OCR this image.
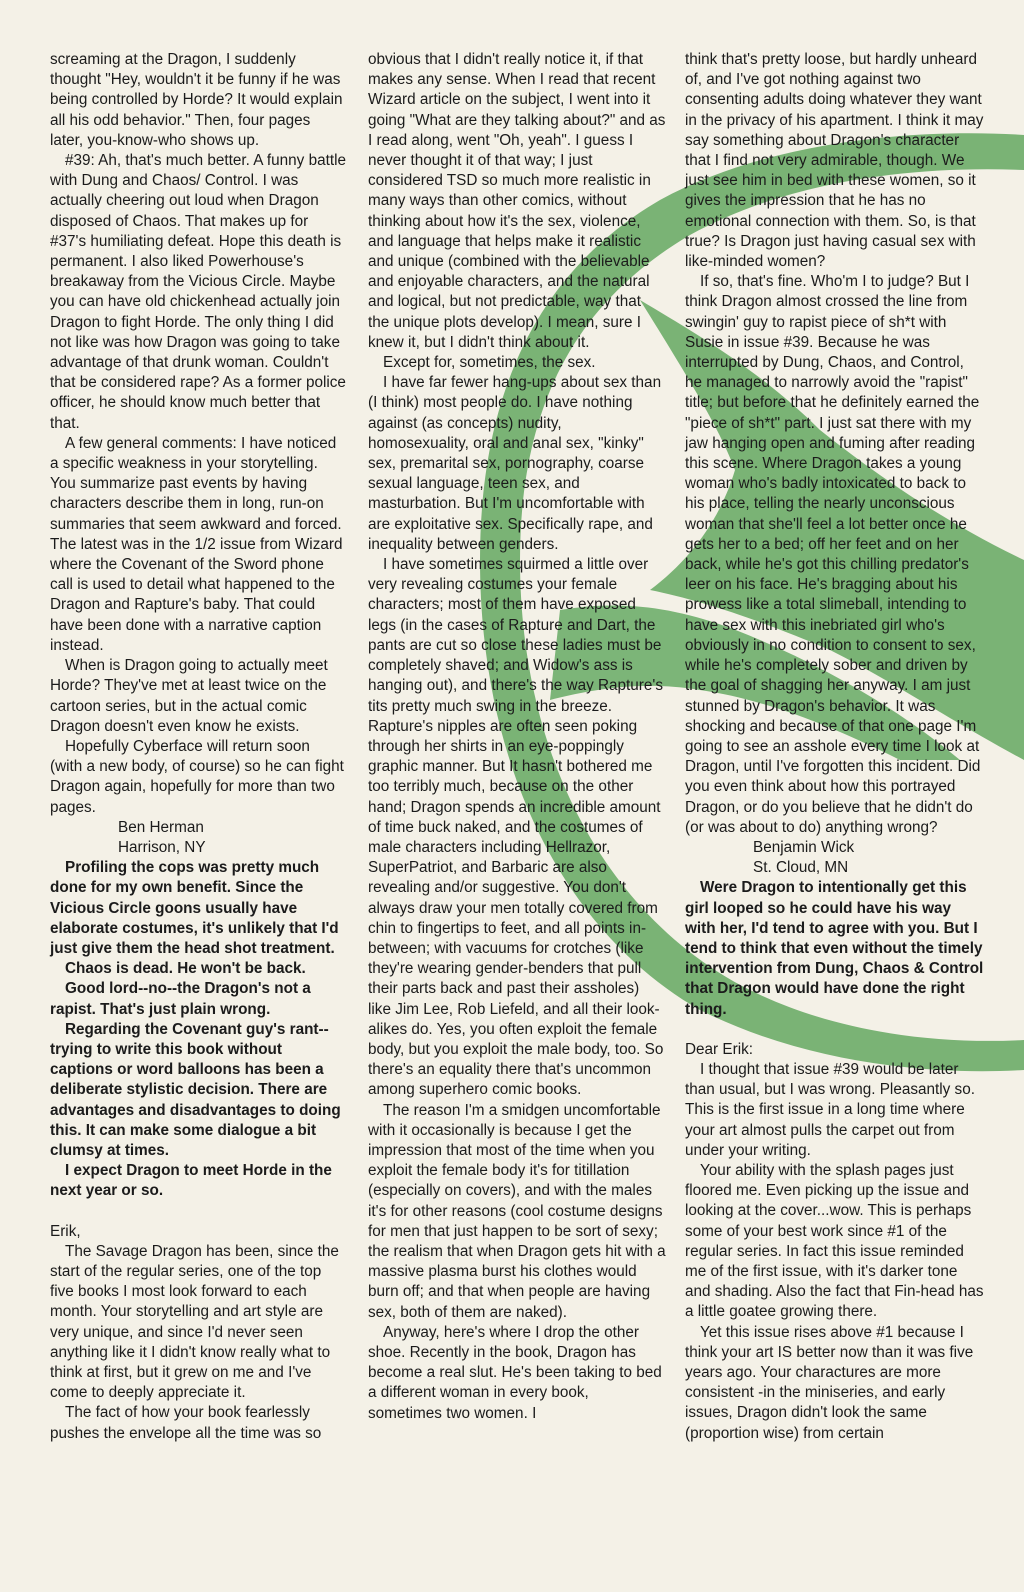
screaming at the Dragon, I suddenly thought "Hey, wouldn't it be funny if he was being controlled by Horde? It would explain all his odd behavior." Then, four pages later, you-know-who shows up.

#39: Ah, that's much better. A funny battle with Dung and Chaos/ Control. I was actually cheering out loud when Dragon disposed of Chaos. That makes up for #37's humiliating defeat. Hope this death is permanent. I also liked Powerhouse's breakaway from the Vicious Circle. Maybe you can have old chickenhead actually join Dragon to fight Horde. The only thing I did not like was how Dragon was going to take advantage of that drunk woman. Couldn't that be considered rape? As a former police officer, he should know much better that that.

A few general comments: I have noticed a specific weakness in your storytelling. You summarize past events by having characters describe them in long, run-on summaries that seem awkward and forced. The latest was in the 1/2 issue from Wizard where the Covenant of the Sword phone call is used to detail what happened to the Dragon and Rapture's baby. That could have been done with a narrative caption instead.

When is Dragon going to actually meet Horde? They've met at least twice on the cartoon series, but in the actual comic Dragon doesn't even know he exists.

Hopefully Cyberface will return soon (with a new body, of course) so he can fight Dragon again, hopefully for more than two pages.

Ben Herman

Harrison, NY

Profiling the cops was pretty much done for my own benefit. Since the Vicious Circle goons usually have elaborate costumes, it's unlikely that I'd just give them the head shot treatment.

Chaos is dead. He won't be back.

Good lord--no--the Dragon's not a rapist. That's just plain wrong.

Regarding the Covenant guy's rant--trying to write this book without captions or word balloons has been a deliberate stylistic decision. There are advantages and disadvantages to doing this. It can make some dialogue a bit clumsy at times.

I expect Dragon to meet Horde in the next year or so.

Erik,

The Savage Dragon has been, since the start of the regular series, one of the top five books I most look forward to each month. Your storytelling and art style are very unique, and since I'd never seen anything like it I didn't know really what to think at first, but it grew on me and I've come to deeply appreciate it.

The fact of how your book fearlessly pushes the envelope all the time was so

obvious that I didn't really notice it, if that makes any sense. When I read that recent Wizard article on the subject, I went into it going "What are they talking about?" and as I read along, went "Oh, yeah". I guess I never thought it of that way; I just considered TSD so much more realistic in many ways than other comics, without thinking about how it's the sex, violence, and language that helps make it realistic and unique (combined with the believable and enjoyable characters, and the natural and logical, but not predictable, way that the unique plots develop). I mean, sure I knew it, but I didn't think about it.

Except for, sometimes, the sex.

I have far fewer hang-ups about sex than (I think) most people do. I have nothing against (as concepts) nudity, homosexuality, oral and anal sex, "kinky" sex, premarital sex, pornography, coarse sexual language, teen sex, and masturbation. But I'm uncomfortable with are exploitative sex. Specifically rape, and inequality between genders.

I have sometimes squirmed a little over very revealing costumes your female characters; most of them have exposed legs (in the cases of Rapture and Dart, the pants are cut so close these ladies must be completely shaved; and Widow's ass is hanging out), and there's the way Rapture's tits pretty much swing in the breeze. Rapture's nipples are often seen poking through her shirts in an eye-poppingly graphic manner. But It hasn't bothered me too terribly much, because on the other hand; Dragon spends an incredible amount of time buck naked, and the costumes of male characters including Hellrazor, SuperPatriot, and Barbaric are also revealing and/or suggestive. You don't always draw your men totally covered from chin to fingertips to feet, and all points in-between; with vacuums for crotches (like they're wearing gender-benders that pull their parts back and past their assholes) like Jim Lee, Rob Liefeld, and all their look-alikes do. Yes, you often exploit the female body, but you exploit the male body, too. So there's an equality there that's uncommon among superhero comic books.

The reason I'm a smidgen uncomfortable with it occasionally is because I get the impression that most of the time when you exploit the female body it's for titillation (especially on covers), and with the males it's for other reasons (cool costume designs for men that just happen to be sort of sexy; the realism that when Dragon gets hit with a massive plasma burst his clothes would burn off; and that when people are having sex, both of them are naked).

Anyway, here's where I drop the other shoe. Recently in the book, Dragon has become a real slut. He's been taking to bed a different woman in every book, sometimes two women. I

think that's pretty loose, but hardly unheard of, and I've got nothing against two consenting adults doing whatever they want in the privacy of his apartment. I think it may say something about Dragon's character that I find not very admirable, though. We just see him in bed with these women, so it gives the impression that he has no emotional connection with them. So, is that true? Is Dragon just having casual sex with like-minded women?

If so, that's fine. Who'm I to judge? But I think Dragon almost crossed the line from swingin' guy to rapist piece of sh*t with Susie in issue #39. Because he was interrupted by Dung, Chaos, and Control, he managed to narrowly avoid the "rapist" title; but before that he definitely earned the "piece of sh*t" part. I just sat there with my jaw hanging open and fuming after reading this scene. Where Dragon takes a young woman who's badly intoxicated to back to his place, telling the nearly unconscious woman that she'll feel a lot better once he gets her to a bed; off her feet and on her back, while he's got this chilling predator's leer on his face. He's bragging about his prowess like a total slimeball, intending to have sex with this inebriated girl who's obviously in no condition to consent to sex, while he's completely sober and driven by the goal of shagging her anyway. I am just stunned by Dragon's behavior. It was shocking and because of that one page I'm going to see an asshole every time I look at Dragon, until I've forgotten this incident. Did you even think about how this portrayed Dragon, or do you believe that he didn't do (or was about to do) anything wrong?

Benjamin Wick

St. Cloud, MN

Were Dragon to intentionally get this girl looped so he could have his way with her, I'd tend to agree with you. But I tend to think that even without the timely intervention from Dung, Chaos & Control that Dragon would have done the right thing.

Dear Erik:

I thought that issue #39 would be later than usual, but I was wrong. Pleasantly so. This is the first issue in a long time where your art almost pulls the carpet out from under your writing.

Your ability with the splash pages just floored me. Even picking up the issue and looking at the cover...wow. This is perhaps some of your best work since #1 of the regular series. In fact this issue reminded me of the first issue, with it's darker tone and shading. Also the fact that Fin-head has a little goatee growing there.

Yet this issue rises above #1 because I think your art IS better now than it was five years ago. Your charactures are more consistent -in the miniseries, and early issues, Dragon didn't look the same (proportion wise) from certain
